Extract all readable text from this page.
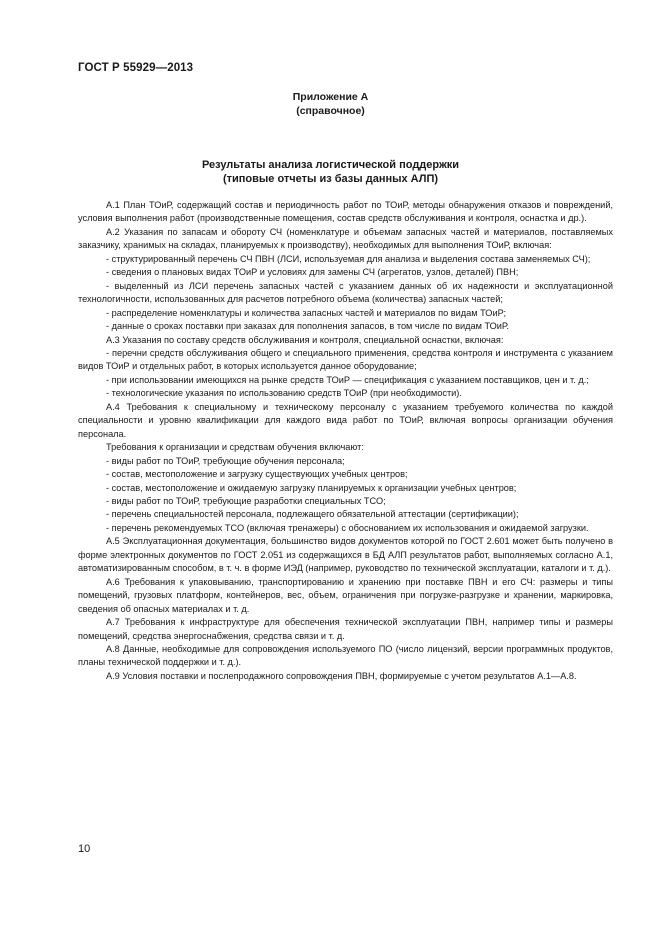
ГОСТ Р 55929—2013
Приложение А
(справочное)
Результаты анализа логистической поддержки
(типовые отчеты из базы данных АЛП)

А.1 План ТОиР, содержащий состав и периодичность работ по ТОиР, методы обнаружения отказов и повреждений, условия выполнения работ (производственные помещения, состав средств обслуживания и контроля, оснастка и др.).

А.2 Указания по запасам и обороту СЧ (номенклатуре и объемам запасных частей и материалов, поставляемых заказчику, хранимых на складах, планируемых к производству), необходимых для выполнения ТОиР, включая:

- структурированный перечень СЧ ПВН (ЛСИ, используемая для анализа и выделения состава заменяемых СЧ);

- сведения о плановых видах ТОиР и условиях для замены СЧ (агрегатов, узлов, деталей) ПВН;

- выделенный из ЛСИ перечень запасных частей с указанием данных об их надежности и эксплуатационной технологичности, использованных для расчетов потребного объема (количества) запасных частей;

- распределение номенклатуры и количества запасных частей и материалов по видам ТОиР;

- данные о сроках поставки при заказах для пополнения запасов, в том числе по видам ТОиР.

А.3 Указания по составу средств обслуживания и контроля, специальной оснастки, включая:

- перечни средств обслуживания общего и специального применения, средства контроля и инструмента с указанием видов ТОиР и отдельных работ, в которых используется данное оборудование;

- при использовании имеющихся на рынке средств ТОиР — спецификация с указанием поставщиков, цен и т. д.;

- технологические указания по использованию средств ТОиР (при необходимости).

А.4 Требования к специальному и техническому персоналу с указанием требуемого количества по каждой специальности и уровню квалификации для каждого вида работ по ТОиР, включая вопросы организации обучения персонала.

Требования к организации и средствам обучения включают:

- виды работ по ТОиР, требующие обучения персонала;

- состав, местоположение и загрузку существующих учебных центров;

- состав, местоположение и ожидаемую загрузку планируемых к организации учебных центров;

- виды работ по ТОиР, требующие разработки специальных ТСО;

- перечень специальностей персонала, подлежащего обязательной аттестации (сертификации);

- перечень рекомендуемых ТСО (включая тренажеры) с обоснованием их использования и ожидаемой загрузки.

А.5 Эксплуатационная документация, большинство видов документов которой по ГОСТ 2.601 может быть получено в форме электронных документов по ГОСТ 2.051 из содержащихся в БД АЛП результатов работ, выполняемых согласно А.1, автоматизированным способом, в т. ч. в форме ИЭД (например, руководство по технической эксплуатации, каталоги и т. д.).

А.6 Требования к упаковыванию, транспортированию и хранению при поставке ПВН и его СЧ: размеры и типы помещений, грузовых платформ, контейнеров, вес, объем, ограничения при погрузке-разгрузке и хранении, маркировка, сведения об опасных материалах и т. д.

А.7 Требования к инфраструктуре для обеспечения технической эксплуатации ПВН, например типы и размеры помещений, средства энергоснабжения, средства связи и т. д.

А.8 Данные, необходимые для сопровождения используемого ПО (число лицензий, версии программных продуктов, планы технической поддержки и т. д.).

А.9 Условия поставки и послепродажного сопровождения ПВН, формируемые с учетом результатов А.1—А.8.

10
